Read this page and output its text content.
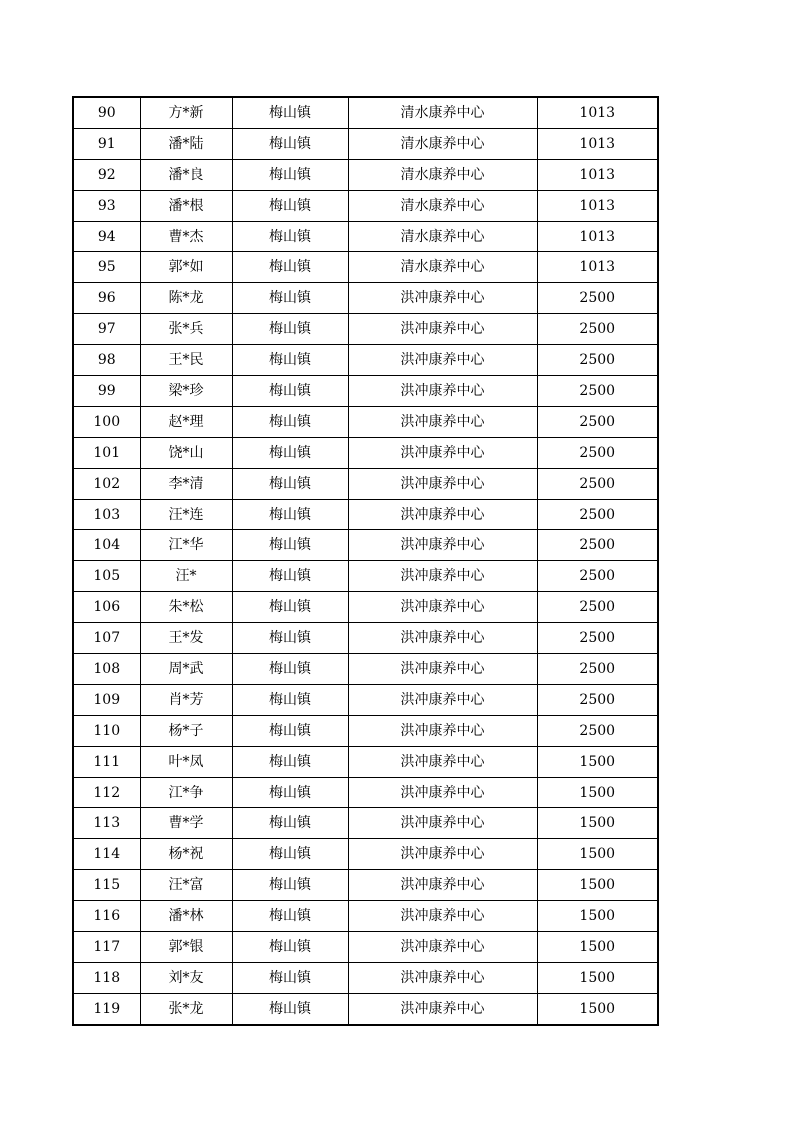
90	方*新	梅山镇	清水康养中心	1013
91	潘*陆	梅山镇	清水康养中心	1013
92	潘*良	梅山镇	清水康养中心	1013
93	潘*根	梅山镇	清水康养中心	1013
94	曹*杰	梅山镇	清水康养中心	1013
95	郭*如	梅山镇	清水康养中心	1013
96	陈*龙	梅山镇	洪冲康养中心	2500
97	张*兵	梅山镇	洪冲康养中心	2500
98	王*民	梅山镇	洪冲康养中心	2500
99	梁*珍	梅山镇	洪冲康养中心	2500
100	赵*理	梅山镇	洪冲康养中心	2500
101	饶*山	梅山镇	洪冲康养中心	2500
102	李*清	梅山镇	洪冲康养中心	2500
103	汪*连	梅山镇	洪冲康养中心	2500
104	江*华	梅山镇	洪冲康养中心	2500
105	汪*	梅山镇	洪冲康养中心	2500
106	朱*松	梅山镇	洪冲康养中心	2500
107	王*发	梅山镇	洪冲康养中心	2500
108	周*武	梅山镇	洪冲康养中心	2500
109	肖*芳	梅山镇	洪冲康养中心	2500
110	杨*子	梅山镇	洪冲康养中心	2500
111	叶*凤	梅山镇	洪冲康养中心	1500
112	江*争	梅山镇	洪冲康养中心	1500
113	曹*学	梅山镇	洪冲康养中心	1500
114	杨*祝	梅山镇	洪冲康养中心	1500
115	汪*富	梅山镇	洪冲康养中心	1500
116	潘*林	梅山镇	洪冲康养中心	1500
117	郭*银	梅山镇	洪冲康养中心	1500
118	刘*友	梅山镇	洪冲康养中心	1500
119	张*龙	梅山镇	洪冲康养中心	1500
